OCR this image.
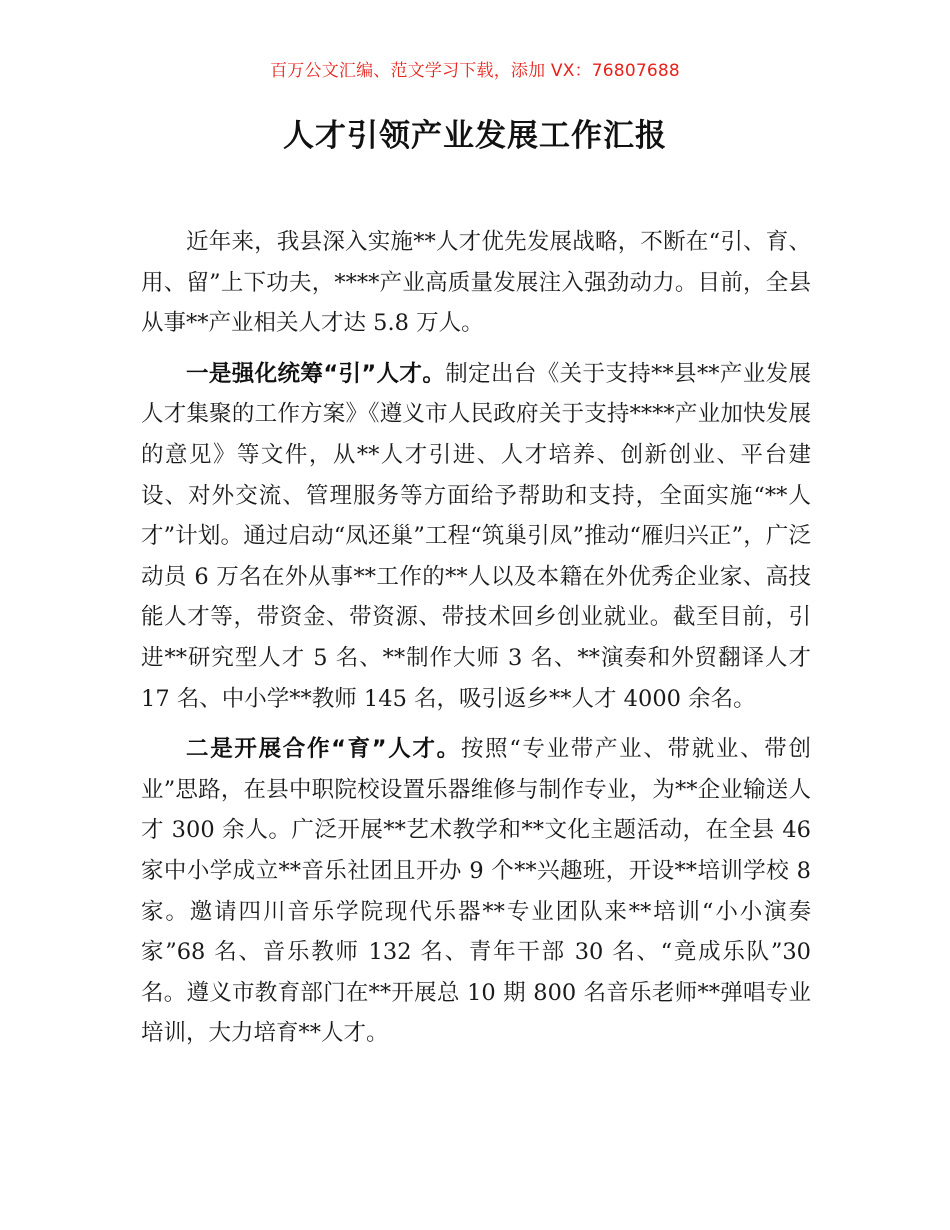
百万公文汇编、范文学习下载，添加 VX：76807688
人才引领产业发展工作汇报

近年来，我县深入实施**人才优先发展战略，不断在“引、育、用、留”上下功夫，****产业高质量发展注入强劲动力。目前，全县从事**产业相关人才达 5.8 万人。

一是强化统筹“引”人才。制定出台《关于支持**县**产业发展人才集聚的工作方案》《遵义市人民政府关于支持****产业加快发展的意见》等文件，从**人才引进、人才培养、创新创业、平台建设、对外交流、管理服务等方面给予帮助和支持，全面实施“**人才”计划。通过启动“凤还巢”工程“筑巢引凤”推动“雁归兴正”，广泛动员 6 万名在外从事**工作的**人以及本籍在外优秀企业家、高技能人才等，带资金、带资源、带技术回乡创业就业。截至目前，引进**研究型人才 5 名、**制作大师 3 名、**演奏和外贸翻译人才 17 名、中小学**教师 145 名，吸引返乡**人才 4000 余名。

二是开展合作“育”人才。按照“专业带产业、带就业、带创业”思路，在县中职院校设置乐器维修与制作专业，为**企业输送人才 300 余人。广泛开展**艺术教学和**文化主题活动，在全县 46 家中小学成立**音乐社团且开办 9 个**兴趣班，开设**培训学校 8 家。邀请四川音乐学院现代乐器**专业团队来**培训“小小演奏家”68 名、音乐教师 132 名、青年干部 30 名、“竟成乐队”30 名。遵义市教育部门在**开展总 10 期 800 名音乐老师**弹唱专业培训，大力培育**人才。
